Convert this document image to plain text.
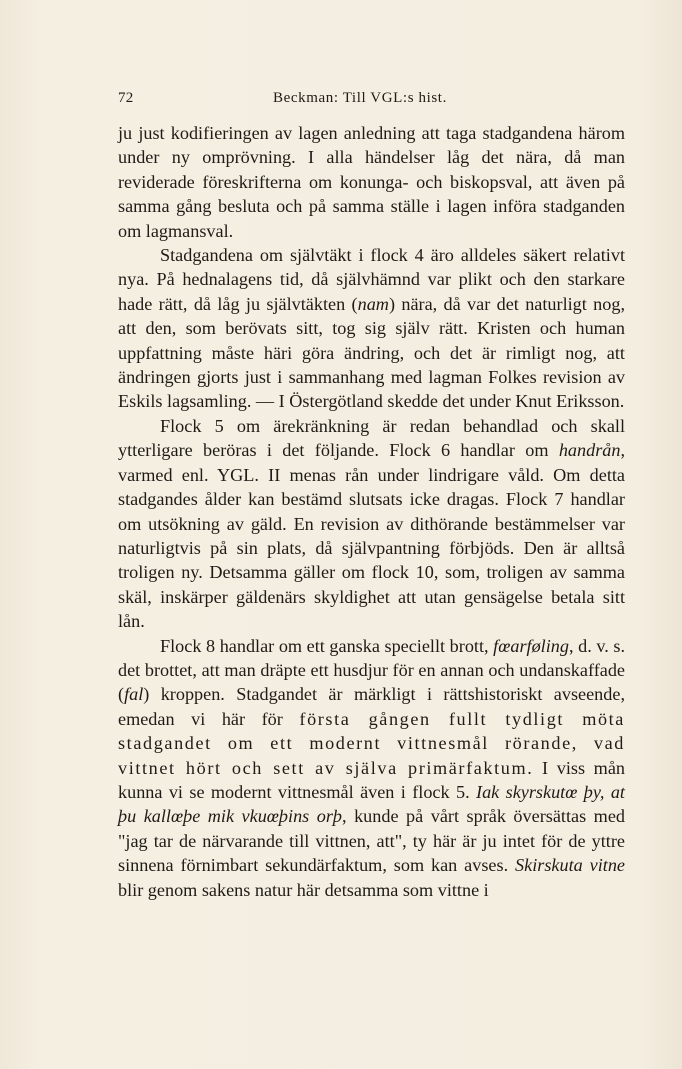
72	Beckman: Till VGL:s hist.

ju just kodifieringen av lagen anledning att taga stadgandena härom under ny omprövning. I alla händelser låg det nära, då man reviderade föreskrifterna om konunga- och biskopsval, att även på samma gång besluta och på samma ställe i lagen införa stadganden om lagmansval.

Stadgandena om självtäkt i flock 4 äro alldeles säkert relativt nya. På hednalagens tid, då självhämnd var plikt och den starkare hade rätt, då låg ju självtäkten (nam) nära, då var det naturligt nog, att den, som berövats sitt, tog sig själv rätt. Kristen och human uppfattning måste häri göra ändring, och det är rimligt nog, att ändringen gjorts just i sammanhang med lagman Folkes revision av Eskils lagsamling. — I Östergötland skedde det under Knut Eriksson.

Flock 5 om ärekränkning är redan behandlad och skall ytterligare beröras i det följande. Flock 6 handlar om handrån, varmed enl. YGL. II menas rån under lindrigare våld. Om detta stadgandes ålder kan bestämd slutsats icke dragas. Flock 7 handlar om utsökning av gäld. En revision av dithörande bestämmelser var naturligtvis på sin plats, då självpantning förbjöds. Den är alltså troligen ny. Detsamma gäller om flock 10, som, troligen av samma skäl, inskärper gäldenärs skyldighet att utan gensägelse betala sitt lån.

Flock 8 handlar om ett ganska speciellt brott, fœarføling, d. v. s. det brottet, att man dräpte ett husdjur för en annan och undanskaffade (fal) kroppen. Stadgandet är märkligt i rättshistoriskt avseende, emedan vi här för första gången fullt tydligt möta stadgandet om ett modernt vittnesmål rörande, vad vittnet hört och sett av själva primärfaktum. I viss mån kunna vi se modernt vittnesmål även i flock 5. Iak skyrskutœ þy, at þu kallœþe mik vkuœþins orþ, kunde på vårt språk översättas med "jag tar de närvarande till vittnen, att", ty här är ju intet för de yttre sinnena förnimbart sekundärfaktum, som kan avses. Skirskuta vitne blir genom sakens natur här detsamma som vittne i
